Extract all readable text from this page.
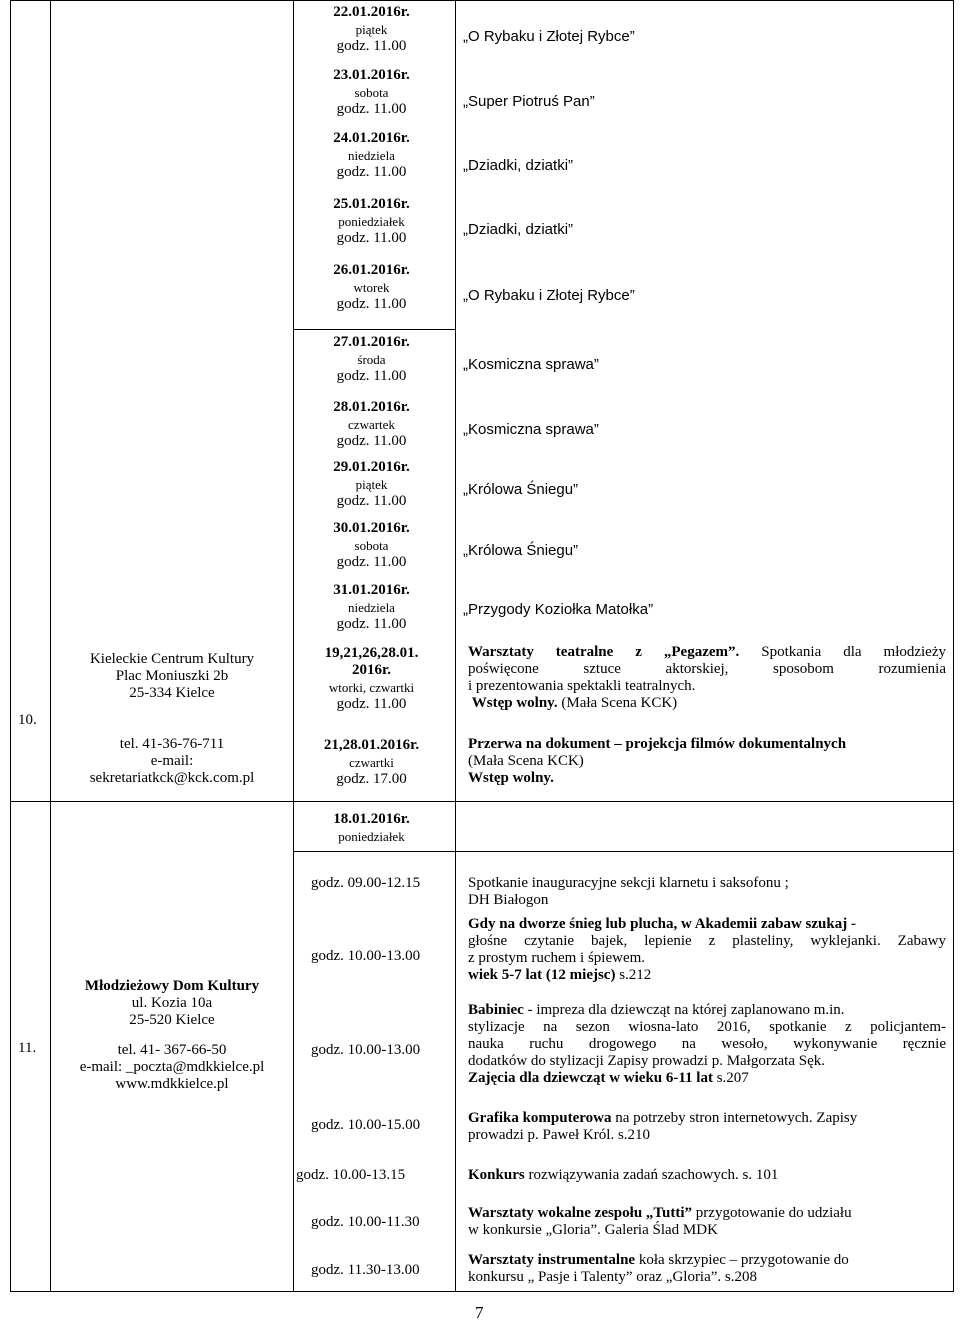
10.
Kieleckie Centrum Kultury
Plac Moniuszki 2b
25-334 Kielce
tel. 41-36-76-711
e-mail:
sekretariatkck@kck.com.pl
22.01.2016r.
piątek
godz. 11.00
23.01.2016r.
sobota
godz. 11.00
24.01.2016r.
niedziela
godz. 11.00
25.01.2016r.
poniedziałek
godz. 11.00
26.01.2016r.
wtorek
godz. 11.00
27.01.2016r.
środa
godz. 11.00
28.01.2016r.
czwartek
godz. 11.00
29.01.2016r.
piątek
godz. 11.00
30.01.2016r.
sobota
godz. 11.00
31.01.2016r.
niedziela
godz. 11.00
19,21,26,28.01.
2016r.
wtorki, czwartki
godz. 11.00
21,28.01.2016r.
czwartki
godz. 17.00
„O Rybaku i Złotej Rybce”
„Super Piotruś Pan”
„Dziadki, dziatki”
„Dziadki, dziatki”
„O Rybaku i Złotej Rybce”
„Kosmiczna sprawa”
„Kosmiczna sprawa”
„Królowa Śniegu”
„Królowa Śniegu”
„Przygody Koziołka Matołka”
Warsztaty teatralne z „Pegazem”. Spotkania dla młodzieży
poświęcone sztuce aktorskiej, sposobom rozumienia
i prezentowania spektakli teatralnych.
Wstęp wolny. (Mała Scena KCK)
Przerwa na dokument – projekcja filmów dokumentalnych
(Mała Scena KCK)
Wstęp wolny.
11.
Młodzieżowy Dom Kultury
ul. Kozia 10a
25-520 Kielce
tel. 41- 367-66-50
e-mail: _poczta@mdkkielce.pl
www.mdkkielce.pl
18.01.2016r.
poniedziałek
godz. 09.00-12.15
godz. 10.00-13.00
godz. 10.00-13.00
godz. 10.00-15.00
godz. 10.00-13.15
godz. 10.00-11.30
godz. 11.30-13.00
Spotkanie inauguracyjne sekcji klarnetu i saksofonu ;
DH Białogon
Gdy na dworze śnieg lub plucha, w Akademii zabaw szukaj -
głośne czytanie bajek, lepienie z plasteliny, wyklejanki. Zabawy
z prostym ruchem i śpiewem.
wiek 5-7 lat (12 miejsc) s.212
Babiniec - impreza dla dziewcząt na której zaplanowano m.in.
stylizacje na sezon wiosna-lato 2016, spotkanie z policjantem-
nauka ruchu drogowego na wesoło, wykonywanie ręcznie
dodatków do stylizacji Zapisy prowadzi p. Małgorzata Sęk.
Zajęcia dla dziewcząt w wieku 6-11 lat s.207
Grafika komputerowa na potrzeby stron internetowych. Zapisy
prowadzi p. Paweł Król. s.210
Konkurs rozwiązywania zadań szachowych. s. 101
Warsztaty wokalne zespołu „Tutti” przygotowanie do udziału
w konkursie „Gloria”. Galeria Ślad MDK
Warsztaty instrumentalne koła skrzypiec – przygotowanie do
konkursu „ Pasje i Talenty” oraz „Gloria”. s.208
7
